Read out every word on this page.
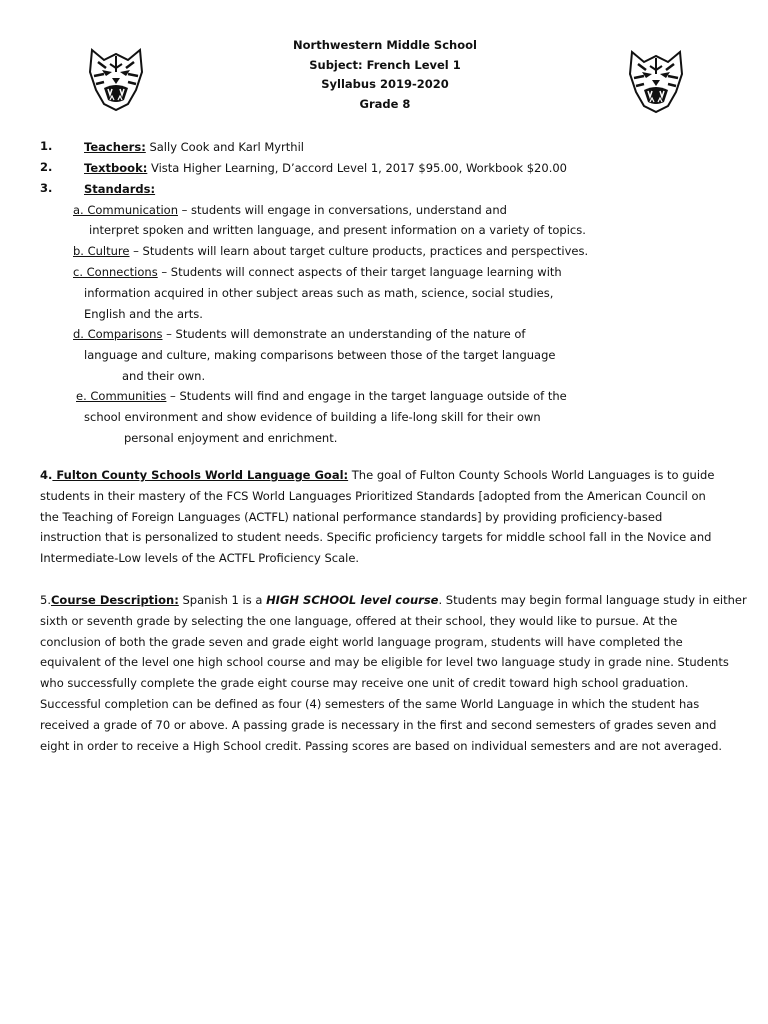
Northwestern Middle School
Subject: French Level 1
Syllabus 2019-2020
Grade 8
1.	Teachers: Sally Cook and Karl Myrthil
2.	Textbook: Vista Higher Learning, D’accord Level 1, 2017 $95.00, Workbook $20.00
3.	Standards:
a. Communication – students will engage in conversations, understand and
interpret spoken and written language, and present information on a variety of topics.
b. Culture – Students will learn about target culture products, practices and perspectives.
c. Connections – Students will connect aspects of their target language learning with
information acquired in other subject areas such as math, science, social studies,
English and the arts.
d. Comparisons – Students will demonstrate an understanding of the nature of
language and culture, making comparisons between those of the target language
and their own.
e. Communities – Students will find and engage in the target language outside of the
school environment and show evidence of building a life-long skill for their own
personal enjoyment and enrichment.
4. Fulton County Schools World Language Goal: The goal of Fulton County Schools World Languages is to guide
students in their mastery of the FCS World Languages Prioritized Standards [adopted from the American Council on
the Teaching of Foreign Languages (ACTFL) national performance standards] by providing proficiency-based
instruction that is personalized to student needs. Specific proficiency targets for middle school fall in the Novice and
Intermediate-Low levels of the ACTFL Proficiency Scale.
5.Course Description: Spanish 1 is a HIGH SCHOOL level course. Students may begin formal language study in either
sixth or seventh grade by selecting the one language, offered at their school, they would like to pursue. At the
conclusion of both the grade seven and grade eight world language program, students will have completed the
equivalent of the level one high school course and may be eligible for level two language study in grade nine. Students
who successfully complete the grade eight course may receive one unit of credit toward high school graduation.
Successful completion can be defined as four (4) semesters of the same World Language in which the student has
received a grade of 70 or above. A passing grade is necessary in the first and second semesters of grades seven and
eight in order to receive a High School credit. Passing scores are based on individual semesters and are not averaged.
